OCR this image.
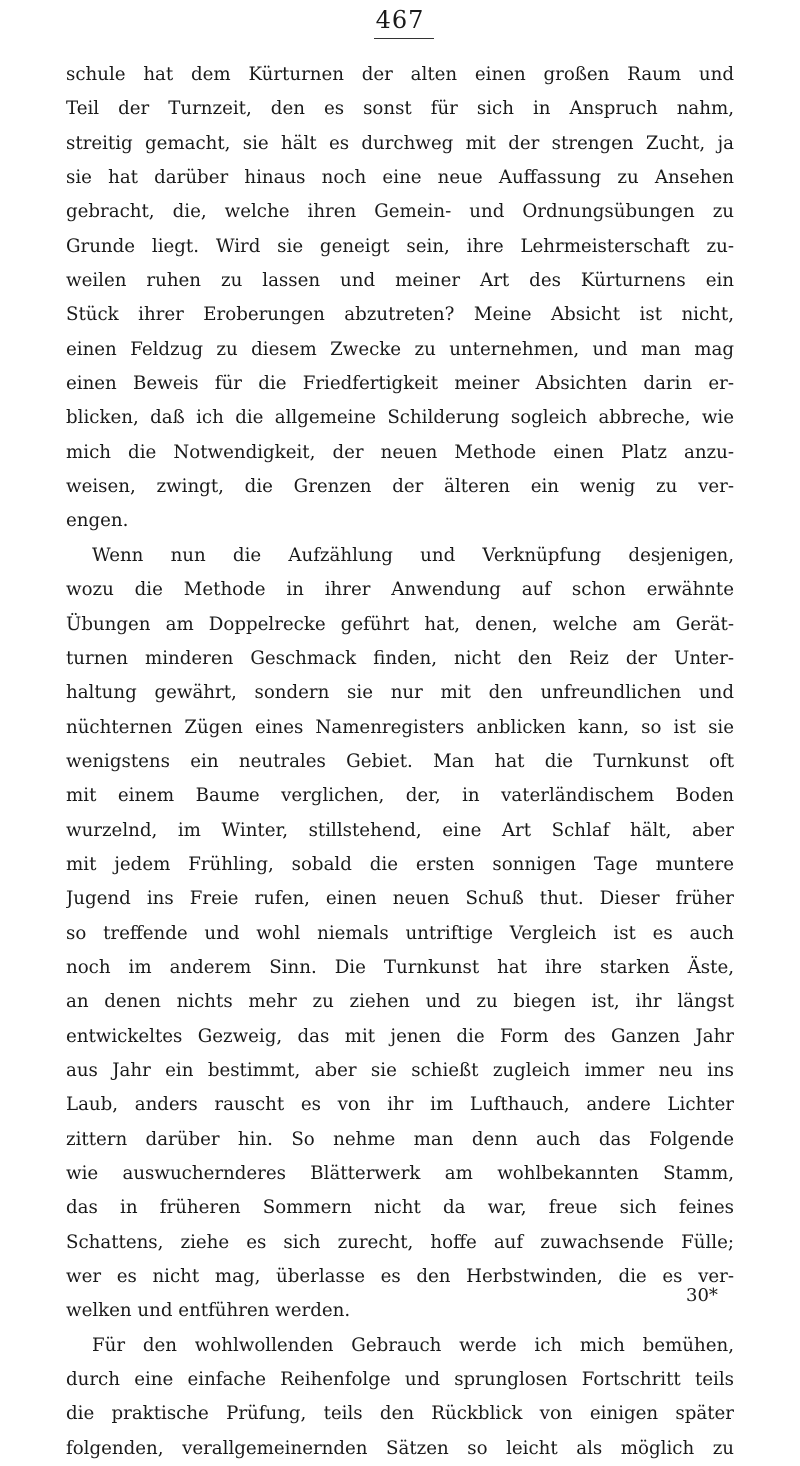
467
schule hat dem Kürturnen der alten einen großen Raum und
Teil der Turnzeit, den es sonst für sich in Anspruch nahm,
streitig gemacht, sie hält es durchweg mit der strengen Zucht, ja
sie hat darüber hinaus noch eine neue Auffassung zu Ansehen
gebracht, die, welche ihren Gemein- und Ordnungsübungen zu
Grunde liegt. Wird sie geneigt sein, ihre Lehrmeisterschaft zu-
weilen ruhen zu lassen und meiner Art des Kürturnens ein
Stück ihrer Eroberungen abzutreten? Meine Absicht ist nicht,
einen Feldzug zu diesem Zwecke zu unternehmen, und man mag
einen Beweis für die Friedfertigkeit meiner Absichten darin er-
blicken, daß ich die allgemeine Schilderung sogleich abbreche, wie
mich die Notwendigkeit, der neuen Methode einen Platz anzu-
weisen, zwingt, die Grenzen der älteren ein wenig zu ver-
engen.
Wenn nun die Aufzählung und Verknüpfung desjenigen,
wozu die Methode in ihrer Anwendung auf schon erwähnte
Übungen am Doppelrecke geführt hat, denen, welche am Gerät-
turnen minderen Geschmack finden, nicht den Reiz der Unter-
haltung gewährt, sondern sie nur mit den unfreundlichen und
nüchternen Zügen eines Namenregisters anblicken kann, so ist sie
wenigstens ein neutrales Gebiet. Man hat die Turnkunst oft
mit einem Baume verglichen, der, in vaterländischem Boden
wurzelnd, im Winter, stillstehend, eine Art Schlaf hält, aber
mit jedem Frühling, sobald die ersten sonnigen Tage muntere
Jugend ins Freie rufen, einen neuen Schuß thut. Dieser früher
so treffende und wohl niemals untriftige Vergleich ist es auch
noch im anderem Sinn. Die Turnkunst hat ihre starken Äste,
an denen nichts mehr zu ziehen und zu biegen ist, ihr längst
entwickeltes Gezweig, das mit jenen die Form des Ganzen Jahr
aus Jahr ein bestimmt, aber sie schießt zugleich immer neu ins
Laub, anders rauscht es von ihr im Lufthauch, andere Lichter
zittern darüber hin. So nehme man denn auch das Folgende
wie auswuchernderes Blätterwerk am wohlbekannten Stamm,
das in früheren Sommern nicht da war, freue sich feines
Schattens, ziehe es sich zurecht, hoffe auf zuwachsende Fülle;
wer es nicht mag, überlasse es den Herbstwinden, die es ver-
welken und entführen werden.
Für den wohlwollenden Gebrauch werde ich mich bemühen,
durch eine einfache Reihenfolge und sprunglosen Fortschritt teils
die praktische Prüfung, teils den Rückblick von einigen später
folgenden, verallgemeinernden Sätzen so leicht als möglich zu
30*
